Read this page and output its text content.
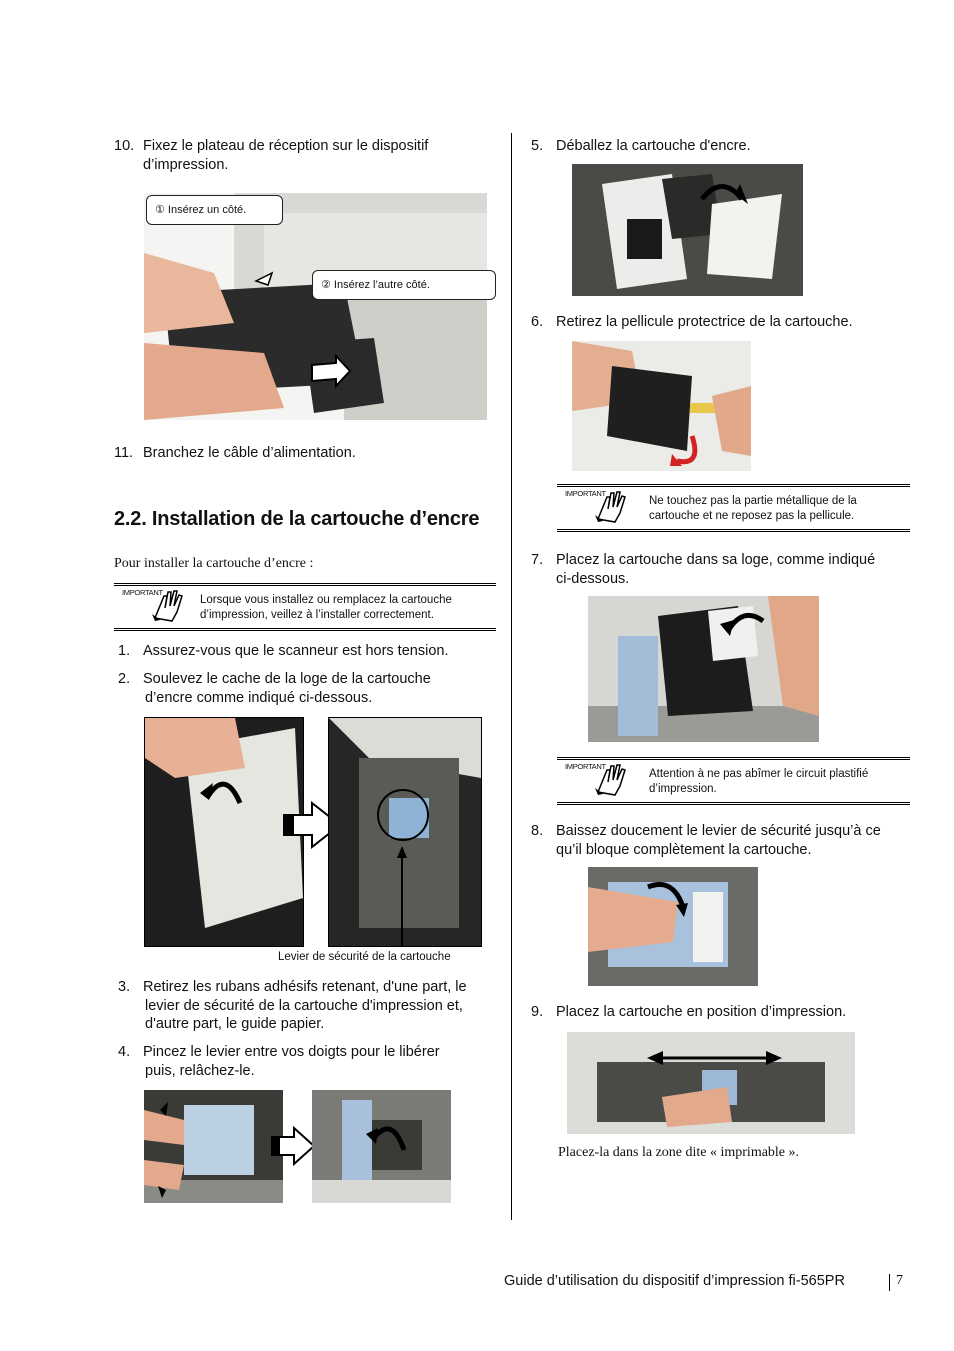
10. Fixez le plateau de réception sur le dispositif
d’impression.
① Insérez un côté.
② Insérez l’autre côté.
11. Branchez le câble d’alimentation.
2.2. Installation de la cartouche d’encre
Pour installer la cartouche d’encre :
IMPORTANT
Lorsque vous installez ou remplacez la cartouche
d’impression, veillez à l’installer correctement.
1. Assurez-vous que le scanneur est hors tension.
2. Soulevez le cache de la loge de la cartouche
d’encre comme indiqué ci-dessous.
Levier de sécurité de la cartouche
3. Retirez les rubans adhésifs retenant, d'une part, le
levier de sécurité de la cartouche d'impression et,
d'autre part, le guide papier.
4. Pincez le levier entre vos doigts pour le libérer
puis, relâchez-le.
5. Déballez la cartouche d'encre.
6. Retirez la pellicule protectrice de la cartouche.
IMPORTANT
Ne touchez pas la partie métallique de la
cartouche et ne reposez pas la pellicule.
7. Placez la cartouche dans sa loge, comme indiqué
ci-dessous.
IMPORTANT
Attention à ne pas abîmer le circuit plastifié
d’impression.
8. Baissez doucement le levier de sécurité jusqu’à ce
qu’il bloque complètement la cartouche.
9. Placez la cartouche en position d’impression.
Placez-la dans la zone dite « imprimable ».
Guide d’utilisation du dispositif d’impression fi-565PR	7
